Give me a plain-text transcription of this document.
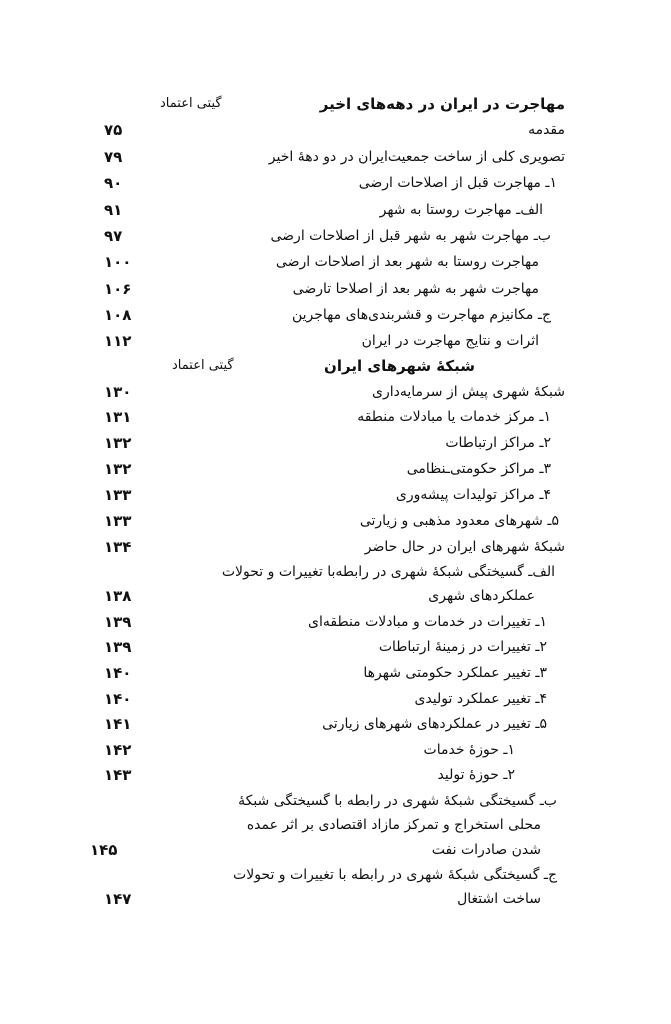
مهاجرت در ایران در دهه‌های اخیر
گیتی اعتماد
مقدمه
۷۵
تصویری کلی از ساخت جمعیت‌ایران در دو دهۀ اخیر
۷۹
۱ـ مهاجرت قبل از اصلاحات ارضی
۹۰
الف‌ـ مهاجرت روستا به شهر
۹۱
ب‌ـ مهاجرت شهر به شهر قبل از اصلاحات ارضی
۹۷
مهاجرت روستا به شهر بعد از اصلاحات ارضی
۱۰۰
مهاجرت شهر به شهر بعد از اصلاحا تارضی
۱۰۶
ج‌ـ مکانیزم مهاجرت و قشربندی‌های مهاجرین
۱۰۸
اثرات و نتایج مهاجرت در ایران
۱۱۲
شبکۀ شهرهای ایران
گیتی اعتماد
شبکۀ شهری پیش از سرمایه‌داری
۱۳۰
۱ـ مرکز خدمات یا مبادلات منطقه
۱۳۱
۲ـ مراکز ارتباطات
۱۳۲
۳ـ مراکز حکومتی‌ـنظامی
۱۳۲
۴ـ مراکز تولیدات پیشه‌وری
۱۳۳
۵ـ شهرهای معدود مذهبی و زیارتی
۱۳۳
شبکۀ شهرهای ایران در حال حاضر
۱۳۴
الف‌ـ گسیختگی شبکۀ شهری در رابطه‌با تغییرات و تحولات
عملکردهای شهری
۱۳۸
۱ـ تغییرات در خدمات و مبادلات منطقه‌ای
۱۳۹
۲ـ تغییرات در زمینۀ ارتباطات
۱۳۹
۳ـ تغییر عملکرد حکومتی شهرها
۱۴۰
۴ـ تغییر عملکرد تولیدی
۱۴۰
۵ـ تغییر در عملکردهای شهرهای زیارتی
۱۴۱
۱ـ حوزۀ خدمات
۱۴۲
۲ـ حوزۀ تولید
۱۴۳
ب‌ـ گسیختگی شبکۀ شهری در رابطه با گسیختگی شبکۀ
محلی استخراج و تمرکز مازاد اقتصادی بر اثر عمده
شدن صادرات نفت
۱۴۵
ج‌ـ گسیختگی شبکۀ شهری در رابطه با تغییرات و تحولات
ساخت اشتغال
۱۴۷
